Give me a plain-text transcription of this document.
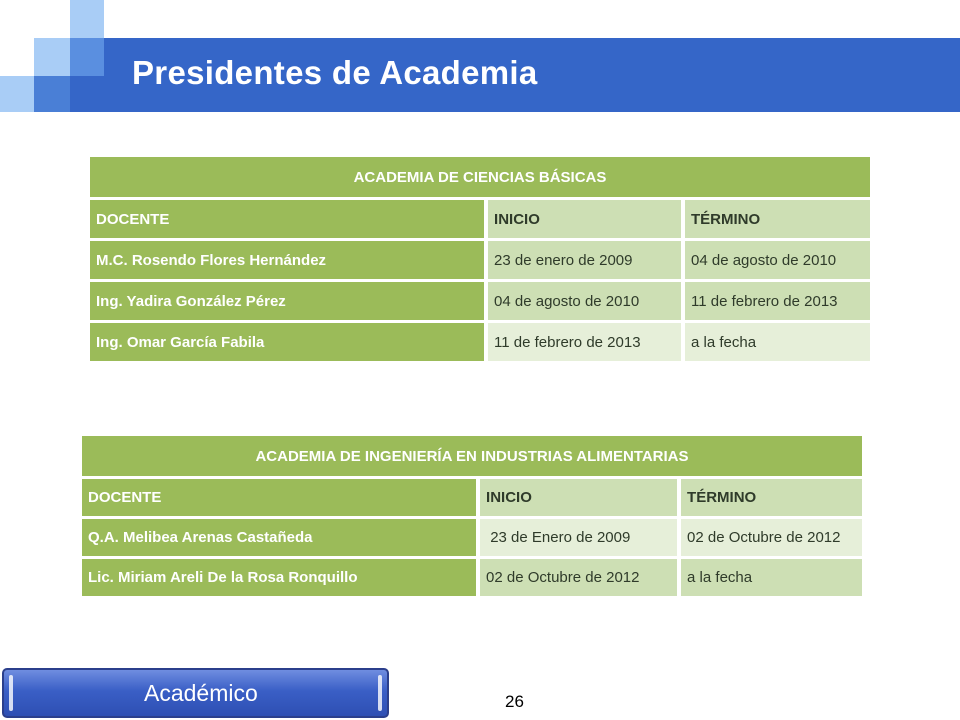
Presidentes de Academia
ACADEMIA DE CIENCIAS BÁSICAS		
DOCENTE	INICIO	TÉRMINO
M.C. Rosendo Flores Hernández	23 de enero de 2009	04 de agosto de 2010
Ing. Yadira González Pérez	04 de agosto de 2010	11 de febrero de 2013
Ing. Omar García Fabila	11 de febrero de 2013	a la fecha
ACADEMIA DE INGENIERÍA EN INDUSTRIAS ALIMENTARIAS		
DOCENTE	INICIO	TÉRMINO
Q.A. Melibea Arenas Castañeda	23 de Enero de 2009	02 de Octubre de 2012
Lic. Miriam Areli De la Rosa Ronquillo	02 de Octubre de 2012	a la fecha
Académico	26
